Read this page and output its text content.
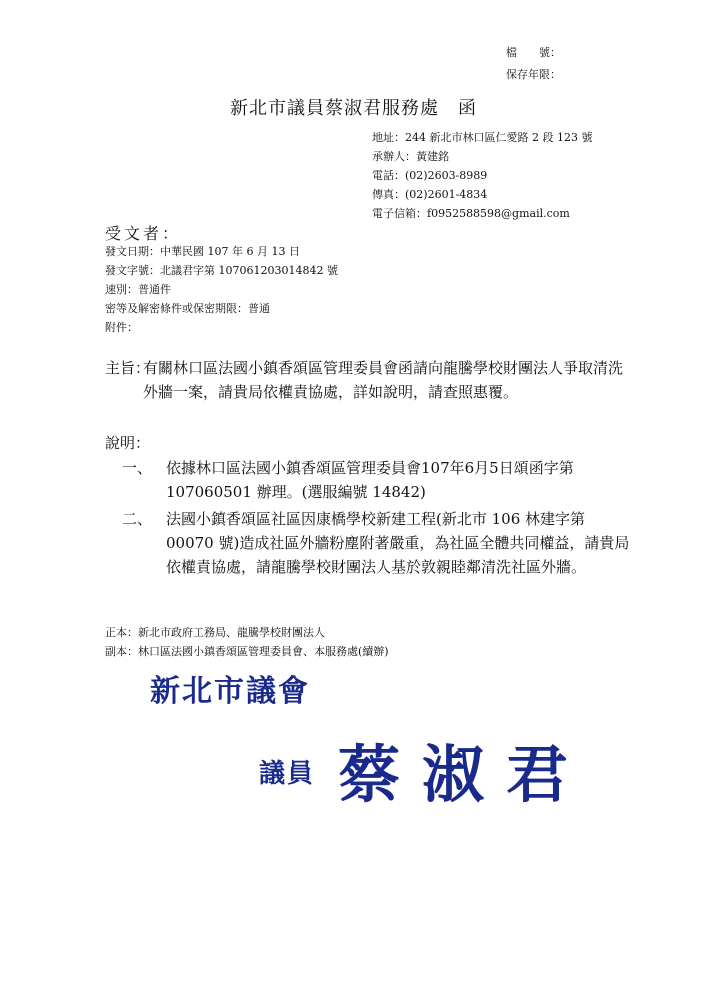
檔　　號：
保存年限：
新北市議員蔡淑君服務處　函
地址：244 新北市林口區仁愛路 2 段 123 號
承辦人：黃建銘
電話：(02)2603-8989
傳真：(02)2601-4834
電子信箱：f0952588598@gmail.com
受文者：
發文日期：中華民國 107 年 6 月 13 日
發文字號：北議君字第 107061203014842 號
速別：普通件
密等及解密條件或保密期限：普通
附件：
主旨：
有關林口區法國小鎮香頌區管理委員會函請向龍騰學校財團法人爭取清洗外牆一案，請貴局依權責協處，詳如說明，請查照惠覆。
說明：
一、 依據林口區法國小鎮香頌區管理委員會107年6月5日頌函字第 107060501 辦理。(選服編號 14842)
二、 法國小鎮香頌區社區因康橋學校新建工程(新北市 106 林建字第 00070 號)造成社區外牆粉塵附著嚴重，為社區全體共同權益，請貴局依權責協處，請龍騰學校財團法人基於敦親睦鄰清洗社區外牆。
正本：新北市政府工務局、龍騰學校財團法人
副本：林口區法國小鎮香頌區管理委員會、本服務處(續辦)
新北市議會
議員 蔡淑君
